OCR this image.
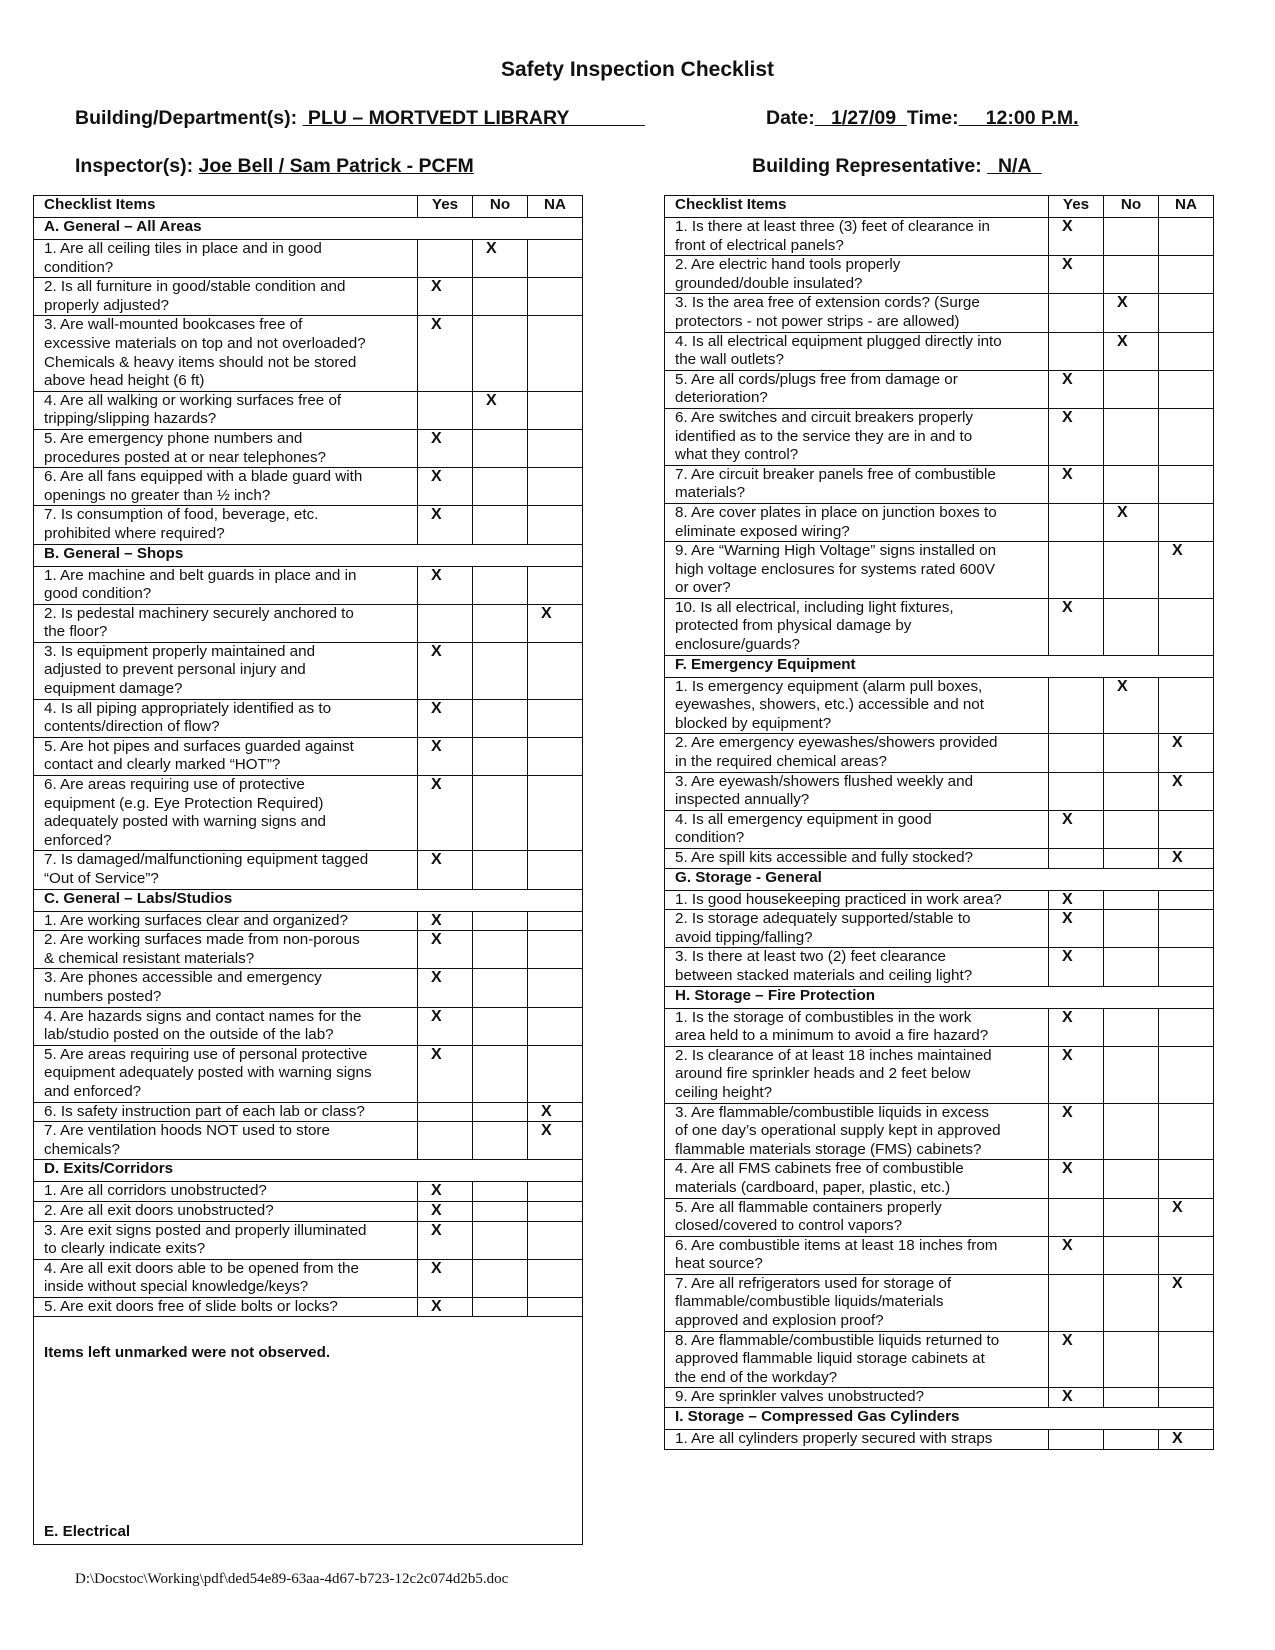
Safety Inspection Checklist
Building/Department(s):  PLU – MORTVEDT LIBRARY	Date:   1/27/09  Time:     12:00 P.M.
Inspector(s): Joe Bell / Sam Patrick - PCFM	Building Representative:   N/A
Checklist Items	Yes	No	NA
A. General – All Areas			
1. Are all ceiling tiles in place and in good
condition?		X	
2. Is all furniture in good/stable condition and
properly adjusted?	X		
3. Are wall-mounted bookcases free of
excessive materials on top and not overloaded?
Chemicals & heavy items should not be stored
above head height (6 ft)	X		
4. Are all walking or working surfaces free of
tripping/slipping hazards?		X	
5. Are emergency phone numbers and
procedures posted at or near telephones?	X		
6. Are all fans equipped with a blade guard with
openings no greater than ½ inch?	X		
7. Is consumption of food, beverage, etc.
prohibited where required?	X		
B. General – Shops			
1. Are machine and belt guards in place and in
good condition?	X		
2. Is pedestal machinery securely anchored to
the floor?			X
3. Is equipment properly maintained and
adjusted to prevent personal injury and
equipment damage?	X		
4. Is all piping appropriately identified as to
contents/direction of flow?	X		
5. Are hot pipes and surfaces guarded against
contact and clearly marked “HOT”?	X		
6. Are areas requiring use of protective
equipment (e.g. Eye Protection Required)
adequately posted with warning signs and
enforced?	X		
7. Is damaged/malfunctioning equipment tagged
“Out of Service”?	X		
C. General – Labs/Studios			
1. Are working surfaces clear and organized?	X		
2. Are working surfaces made from non-porous
& chemical resistant materials?	X		
3. Are phones accessible and emergency
numbers posted?	X		
4. Are hazards signs and contact names for the
lab/studio posted on the outside of the lab?	X		
5. Are areas requiring use of personal protective
equipment adequately posted with warning signs
and enforced?	X		
6. Is safety instruction part of each lab or class?			X
7. Are ventilation hoods NOT used to store
chemicals?			X
D. Exits/Corridors			
1. Are all corridors unobstructed?	X		
2. Are all exit doors unobstructed?	X		
3. Are exit signs posted and properly illuminated
to clearly indicate exits?	X		
4. Are all exit doors able to be opened from the
inside without special knowledge/keys?	X		
5. Are exit doors free of slide bolts or locks?	X		

Items left unmarked were not observed.
E. Electrical			
Checklist Items	Yes	No	NA
1. Is there at least three (3) feet of clearance in
front of electrical panels?	X		
2. Are electric hand tools properly
grounded/double insulated?	X		
3. Is the area free of extension cords? (Surge
protectors - not power strips - are allowed)		X	
4. Is all electrical equipment plugged directly into
the wall outlets?		X	
5. Are all cords/plugs free from damage or
deterioration?	X		
6. Are switches and circuit breakers properly
identified as to the service they are in and to
what they control?	X		
7. Are circuit breaker panels free of combustible
materials?	X		
8. Are cover plates in place on junction boxes to
eliminate exposed wiring?		X	
9. Are “Warning High Voltage” signs installed on
high voltage enclosures for systems rated 600V
or over?			X
10. Is all electrical, including light fixtures,
protected from physical damage by
enclosure/guards?	X		
F. Emergency Equipment			
1. Is emergency equipment (alarm pull boxes,
eyewashes, showers, etc.) accessible and not
blocked by equipment?		X	
2. Are emergency eyewashes/showers provided
in the required chemical areas?			X
3. Are eyewash/showers flushed weekly and
inspected annually?			X
4. Is all emergency equipment in good
condition?	X		
5. Are spill kits accessible and fully stocked?			X
G. Storage - General			
1. Is good housekeeping practiced in work area?	X		
2. Is storage adequately supported/stable to
avoid tipping/falling?	X		
3. Is there at least two (2) feet clearance
between stacked materials and ceiling light?	X		
H. Storage – Fire Protection			
1. Is the storage of combustibles in the work
area held to a minimum to avoid a fire hazard?	X		
2. Is clearance of at least 18 inches maintained
around fire sprinkler heads and 2 feet below
ceiling height?	X		
3. Are flammable/combustible liquids in excess
of one day’s operational supply kept in approved
flammable materials storage (FMS) cabinets?	X		
4. Are all FMS cabinets free of combustible
materials (cardboard, paper, plastic, etc.)	X		
5. Are all flammable containers properly
closed/covered to control vapors?			X
6. Are combustible items at least 18 inches from
heat source?	X		
7. Are all refrigerators used for storage of
flammable/combustible liquids/materials
approved and explosion proof?			X
8. Are flammable/combustible liquids returned to
approved flammable liquid storage cabinets at
the end of the workday?	X		
9. Are sprinkler valves unobstructed?	X		
I. Storage – Compressed Gas Cylinders			
1. Are all cylinders properly secured with straps			X
D:\Docstoc\Working\pdf\ded54e89-63aa-4d67-b723-12c2c074d2b5.doc
